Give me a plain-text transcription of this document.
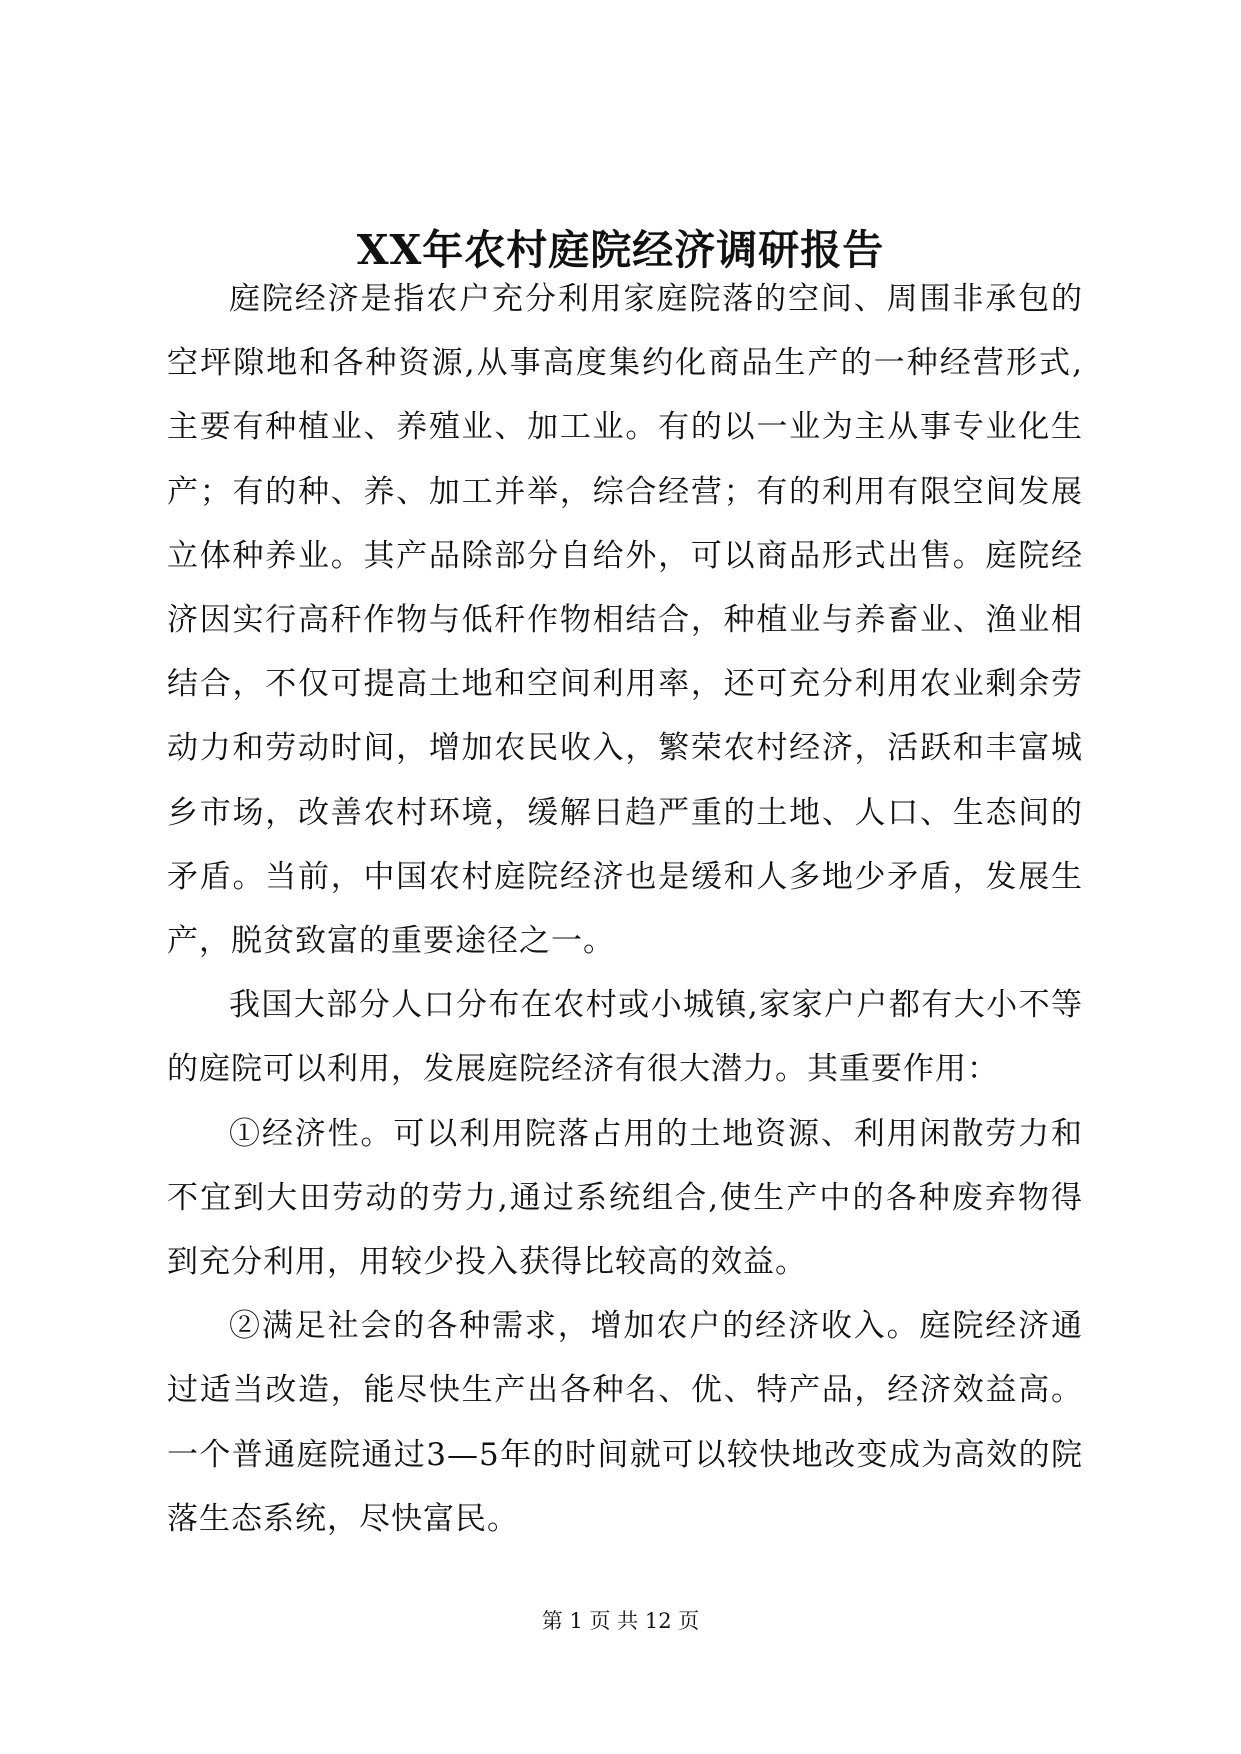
XX年农村庭院经济调研报告

庭院经济是指农户充分利用家庭院落的空间、周围非承包的空坪隙地和各种资源,从事高度集约化商品生产的一种经营形式,主要有种植业、养殖业、加工业。有的以一业为主从事专业化生产；有的种、养、加工并举，综合经营；有的利用有限空间发展立体种养业。其产品除部分自给外，可以商品形式出售。庭院经济因实行高秆作物与低秆作物相结合，种植业与养畜业、渔业相结合，不仅可提高土地和空间利用率，还可充分利用农业剩余劳动力和劳动时间，增加农民收入，繁荣农村经济，活跃和丰富城乡市场，改善农村环境，缓解日趋严重的土地、人口、生态间的矛盾。当前，中国农村庭院经济也是缓和人多地少矛盾，发展生产，脱贫致富的重要途径之一。

我国大部分人口分布在农村或小城镇,家家户户都有大小不等的庭院可以利用，发展庭院经济有很大潜力。其重要作用：

①经济性。可以利用院落占用的土地资源、利用闲散劳力和不宜到大田劳动的劳力,通过系统组合,使生产中的各种废弃物得到充分利用，用较少投入获得比较高的效益。

②满足社会的各种需求，增加农户的经济收入。庭院经济通过适当改造，能尽快生产出各种名、优、特产品，经济效益高。一个普通庭院通过3—5年的时间就可以较快地改变成为高效的院落生态系统，尽快富民。

第 1 页 共 12 页
